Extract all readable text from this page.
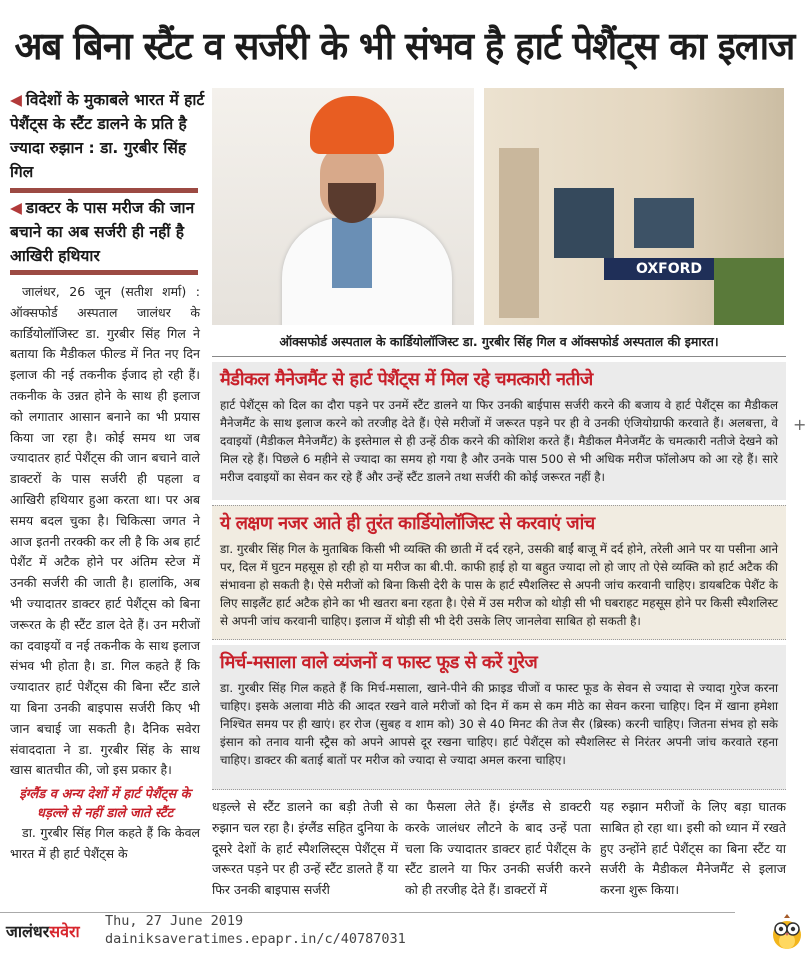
अब बिना स्टैंट व सर्जरी के भी संभव है हार्ट पेशैंट्स का इलाज
◀ विदेशों के मुकाबले भारत में हार्ट पेशैंट्स के स्टैंट डालने के प्रति है ज्यादा रुझान : डा. गुरबीर सिंह गिल
◀ डाक्टर के पास मरीज की जान बचाने का अब सर्जरी ही नहीं है आखिरी हथियार

जालंधर, 26 जून (सतीश शर्मा) : ऑक्सफोर्ड अस्पताल जालंधर के कार्डियोलॉजिस्ट डा. गुरबीर सिंह गिल ने बताया कि मैडीकल फील्ड में नित नए दिन इलाज की नई तकनीक ईजाद हो रही हैं। तकनीक के उन्नत होने के साथ ही इलाज को लगातार आसान बनाने का भी प्रयास किया जा रहा है। कोई समय था जब ज्यादातर हार्ट पेशैंट्स की जान बचाने वाले डाक्टरों के पास सर्जरी ही पहला व आखिरी हथियार हुआ करता था। पर अब समय बदल चुका है। चिकित्सा जगत ने आज इतनी तरक्की कर ली है कि अब हार्ट पेशैंट में अटैक होने पर अंतिम स्टेज में उनकी सर्जरी की जाती है। हालांकि, अब भी ज्यादातर डाक्टर हार्ट पेशैंट्स को बिना जरूरत के ही स्टैंट डाल देते हैं। उन मरीजों का दवाइयों व नई तकनीक के साथ इलाज संभव भी होता है। डा. गिल कहते हैं कि ज्यादातर हार्ट पेशैंट्स की बिना स्टैंट डाले या बिना उनकी बाइपास सर्जरी किए भी जान बचाई जा सकती है। दैनिक सवेरा संवाददाता ने डा. गुरबीर सिंह के साथ खास बातचीत की, जो इस प्रकार है।

इंग्लैंड व अन्य देशों में हार्ट पेशैंट्स के धड़ल्ले से नहीं डाले जाते स्टैंट

डा. गुरबीर सिंह गिल कहते हैं कि केवल भारत में ही हार्ट पेशैंट्स के

OXFORD
ऑक्सफोर्ड अस्पताल के कार्डियोलॉजिस्ट डा. गुरबीर सिंह गिल व ऑक्सफोर्ड अस्पताल की इमारत।
मैडीकल मैनेजमैंट से हार्ट पेशैंट्स में मिल रहे चमत्कारी नतीजे

हार्ट पेशैंट्स को दिल का दौरा पड़ने पर उनमें स्टैंट डालने या फिर उनकी बाईपास सर्जरी करने की बजाय वे हार्ट पेशैंट्स का मैडीकल मैनेजमैंट के साथ इलाज करने को तरजीह देते हैं। ऐसे मरीजों में जरूरत पड़ने पर ही वे उनकी एंजियोग्राफी करवाते हैं। अलबत्ता, वे दवाइयों (मैडीकल मैनेजमैंट) के इस्तेमाल से ही उन्हें ठीक करने की कोशिश करते हैं। मैडीकल मैनेजमैंट के चमत्कारी नतीजे देखने को मिल रहे हैं। पिछले 6 महीने से ज्यादा का समय हो गया है और उनके पास 500 से भी अधिक मरीज फॉलोअप को आ रहे हैं। सारे मरीज दवाइयों का सेवन कर रहे हैं और उन्हें स्टैंट डालने तथा सर्जरी की कोई जरूरत नहीं है।

ये लक्षण नजर आते ही तुरंत कार्डियोलॉजिस्ट से करवाएं जांच

डा. गुरबीर सिंह गिल के मुताबिक किसी भी व्यक्ति की छाती में दर्द रहने, उसकी बाईं बाजू में दर्द होने, तरेली आने पर या पसीना आने पर, दिल में घुटन महसूस हो रही हो या मरीज का बी.पी. काफी हाई हो या बहुत ज्यादा लो हो जाए तो ऐसे व्यक्ति को हार्ट अटैक की संभावना हो सकती है। ऐसे मरीजों को बिना किसी देरी के पास के हार्ट स्पैशलिस्ट से अपनी जांच करवानी चाहिए। डायबटिक पेशैंट के लिए साइलैंट हार्ट अटैक होने का भी खतरा बना रहता है। ऐसे में उस मरीज को थोड़ी सी भी घबराहट महसूस होने पर किसी स्पैशलिस्ट से अपनी जांच करवानी चाहिए। इलाज में थोड़ी सी भी देरी उसके लिए जानलेवा साबित हो सकती है।

मिर्च-मसाला वाले व्यंजनों व फास्ट फूड से करें गुरेज

डा. गुरबीर सिंह गिल कहते हैं कि मिर्च-मसाला, खाने-पीने की फ्राइड चीजों व फास्ट फूड के सेवन से ज्यादा से ज्यादा गुरेज करना चाहिए। इसके अलावा मीठे की आदत रखने वाले मरीजों को दिन में कम से कम मीठे का सेवन करना चाहिए। दिन में खाना हमेशा निश्चित समय पर ही खाएं। हर रोज (सुबह व शाम को) 30 से 40 मिनट की तेज सैर (ब्रिस्क) करनी चाहिए। जितना संभव हो सके इंसान को तनाव यानी स्ट्रैस को अपने आपसे दूर रखना चाहिए। हार्ट पेशैंट्स को स्पैशलिस्ट से निरंतर अपनी जांच करवाते रहना चाहिए। डाक्टर की बताई बातों पर मरीज को ज्यादा से ज्यादा अमल करना चाहिए।

+
धड़ल्ले से स्टैंट डालने का बड़ी तेजी से रुझान चल रहा है। इंग्लैंड सहित दुनिया के दूसरे देशों के हार्ट स्पैशलिस्ट्स पेशैंट्स में जरूरत पड़ने पर ही उन्हें स्टैंट डालते हैं या फिर उनकी बाइपास सर्जरी
का फैसला लेते हैं। इंग्लैंड से डाक्टरी करके जालंधर लौटने के बाद उन्हें पता चला कि ज्यादातर डाक्टर हार्ट पेशैंट्स के स्टैंट डालने या फिर उनकी सर्जरी करने को ही तरजीह देते हैं। डाक्टरों में
यह रुझान मरीजों के लिए बड़ा घातक साबित हो रहा था। इसी को ध्यान में रखते हुए उन्होंने हार्ट पेशैंट्स का बिना स्टैंट या सर्जरी के मैडीकल मैनेजमैंट से इलाज करना शुरू किया।
जालंधरसवेरा
Thu, 27 June 2019
dainiksaveratimes.epapr.in/c/40787031
